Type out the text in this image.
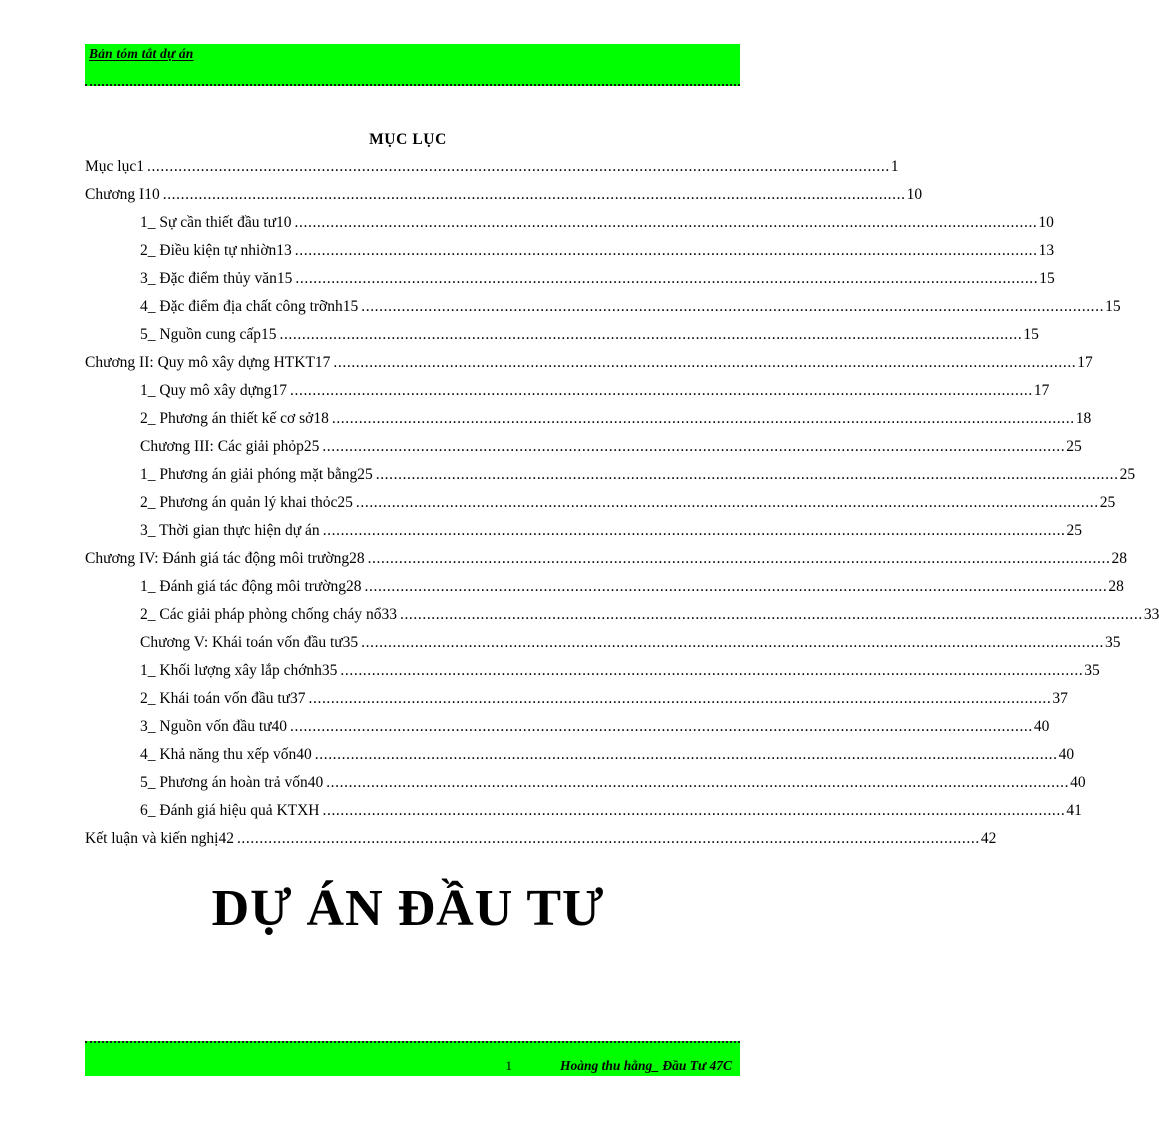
Bản tóm tắt dự án
MỤC LỤC
Mục lục1 ...................................................................................................................................................................... 1
Chương I10 ...................................................................................................................................................................... 10
1_ Sự cần thiết đầu tư10 ...................................................................................................................................................................... 10
2_ Điều kiện tự nhiờn13 ...................................................................................................................................................................... 13
3_ Đặc điểm thủy văn15 ...................................................................................................................................................................... 15
4_ Đặc điểm địa chất công trỡnh15 ...................................................................................................................................................................... 15
5_ Nguồn cung cấp15 ...................................................................................................................................................................... 15
Chương II: Quy mô xây dựng HTKT17 ...................................................................................................................................................................... 17
1_ Quy mô xây dựng17 ...................................................................................................................................................................... 17
2_ Phương án thiết kế cơ sở18 ...................................................................................................................................................................... 18
Chương III: Các giải phỏp25 ...................................................................................................................................................................... 25
1_ Phương án giải phóng mặt bằng25 ...................................................................................................................................................................... 25
2_ Phương án quản lý khai thỏc25 ...................................................................................................................................................................... 25
3_ Thời gian thực hiện dự án ...................................................................................................................................................................... 25
Chương IV: Đánh giá tác động môi trường28 ...................................................................................................................................................................... 28
1_ Đánh giá tác động môi trường28 ...................................................................................................................................................................... 28
2_ Các giải pháp phòng chống cháy nổ33 ...................................................................................................................................................................... 33
Chương V: Khái toán vốn đầu tư35 ...................................................................................................................................................................... 35
1_ Khối lượng xây lắp chớnh35 ...................................................................................................................................................................... 35
2_ Khái toán vốn đầu tư37 ...................................................................................................................................................................... 37
3_ Nguồn vốn đầu tư40 ...................................................................................................................................................................... 40
4_ Khả năng thu xếp vốn40 ...................................................................................................................................................................... 40
5_ Phương án hoàn trả vốn40 ...................................................................................................................................................................... 40
6_ Đánh giá hiệu quả KTXH ...................................................................................................................................................................... 41
Kết luận và kiến nghị42 ...................................................................................................................................................................... 42
DỰ ÁN ĐẦU TƯ
1	Hoàng thu hằng_ Đầu Tư 47C
